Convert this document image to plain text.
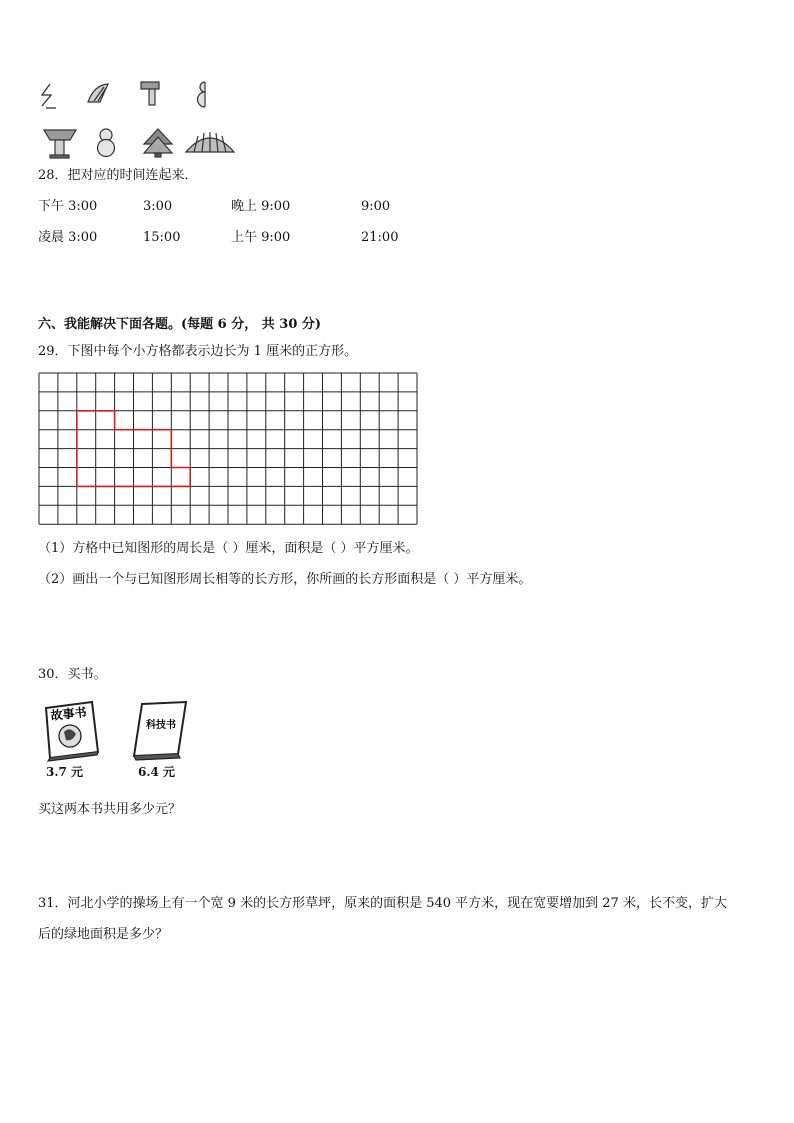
28．把对应的时间连起来．
下午 3:00	3:00	晚上 9:00	9:00
凌晨 3:00	15:00	上午 9:00	21:00
六、我能解决下面各题。(每题 6 分， 共 30 分)
29．下图中每个小方格都表示边长为 1 厘米的正方形。
（1）方格中已知图形的周长是（ ）厘米，面积是（ ）平方厘米。
（2）画出一个与已知图形周长相等的长方形，你所画的长方形面积是（ ）平方厘米。
30．买书。
故事书
3.7 元
科技书
6.4 元
买这两本书共用多少元？
31．河北小学的操场上有一个宽 9 米的长方形草坪，原来的面积是 540 平方米，现在宽要增加到 27 米，长不变，扩大
后的绿地面积是多少？
